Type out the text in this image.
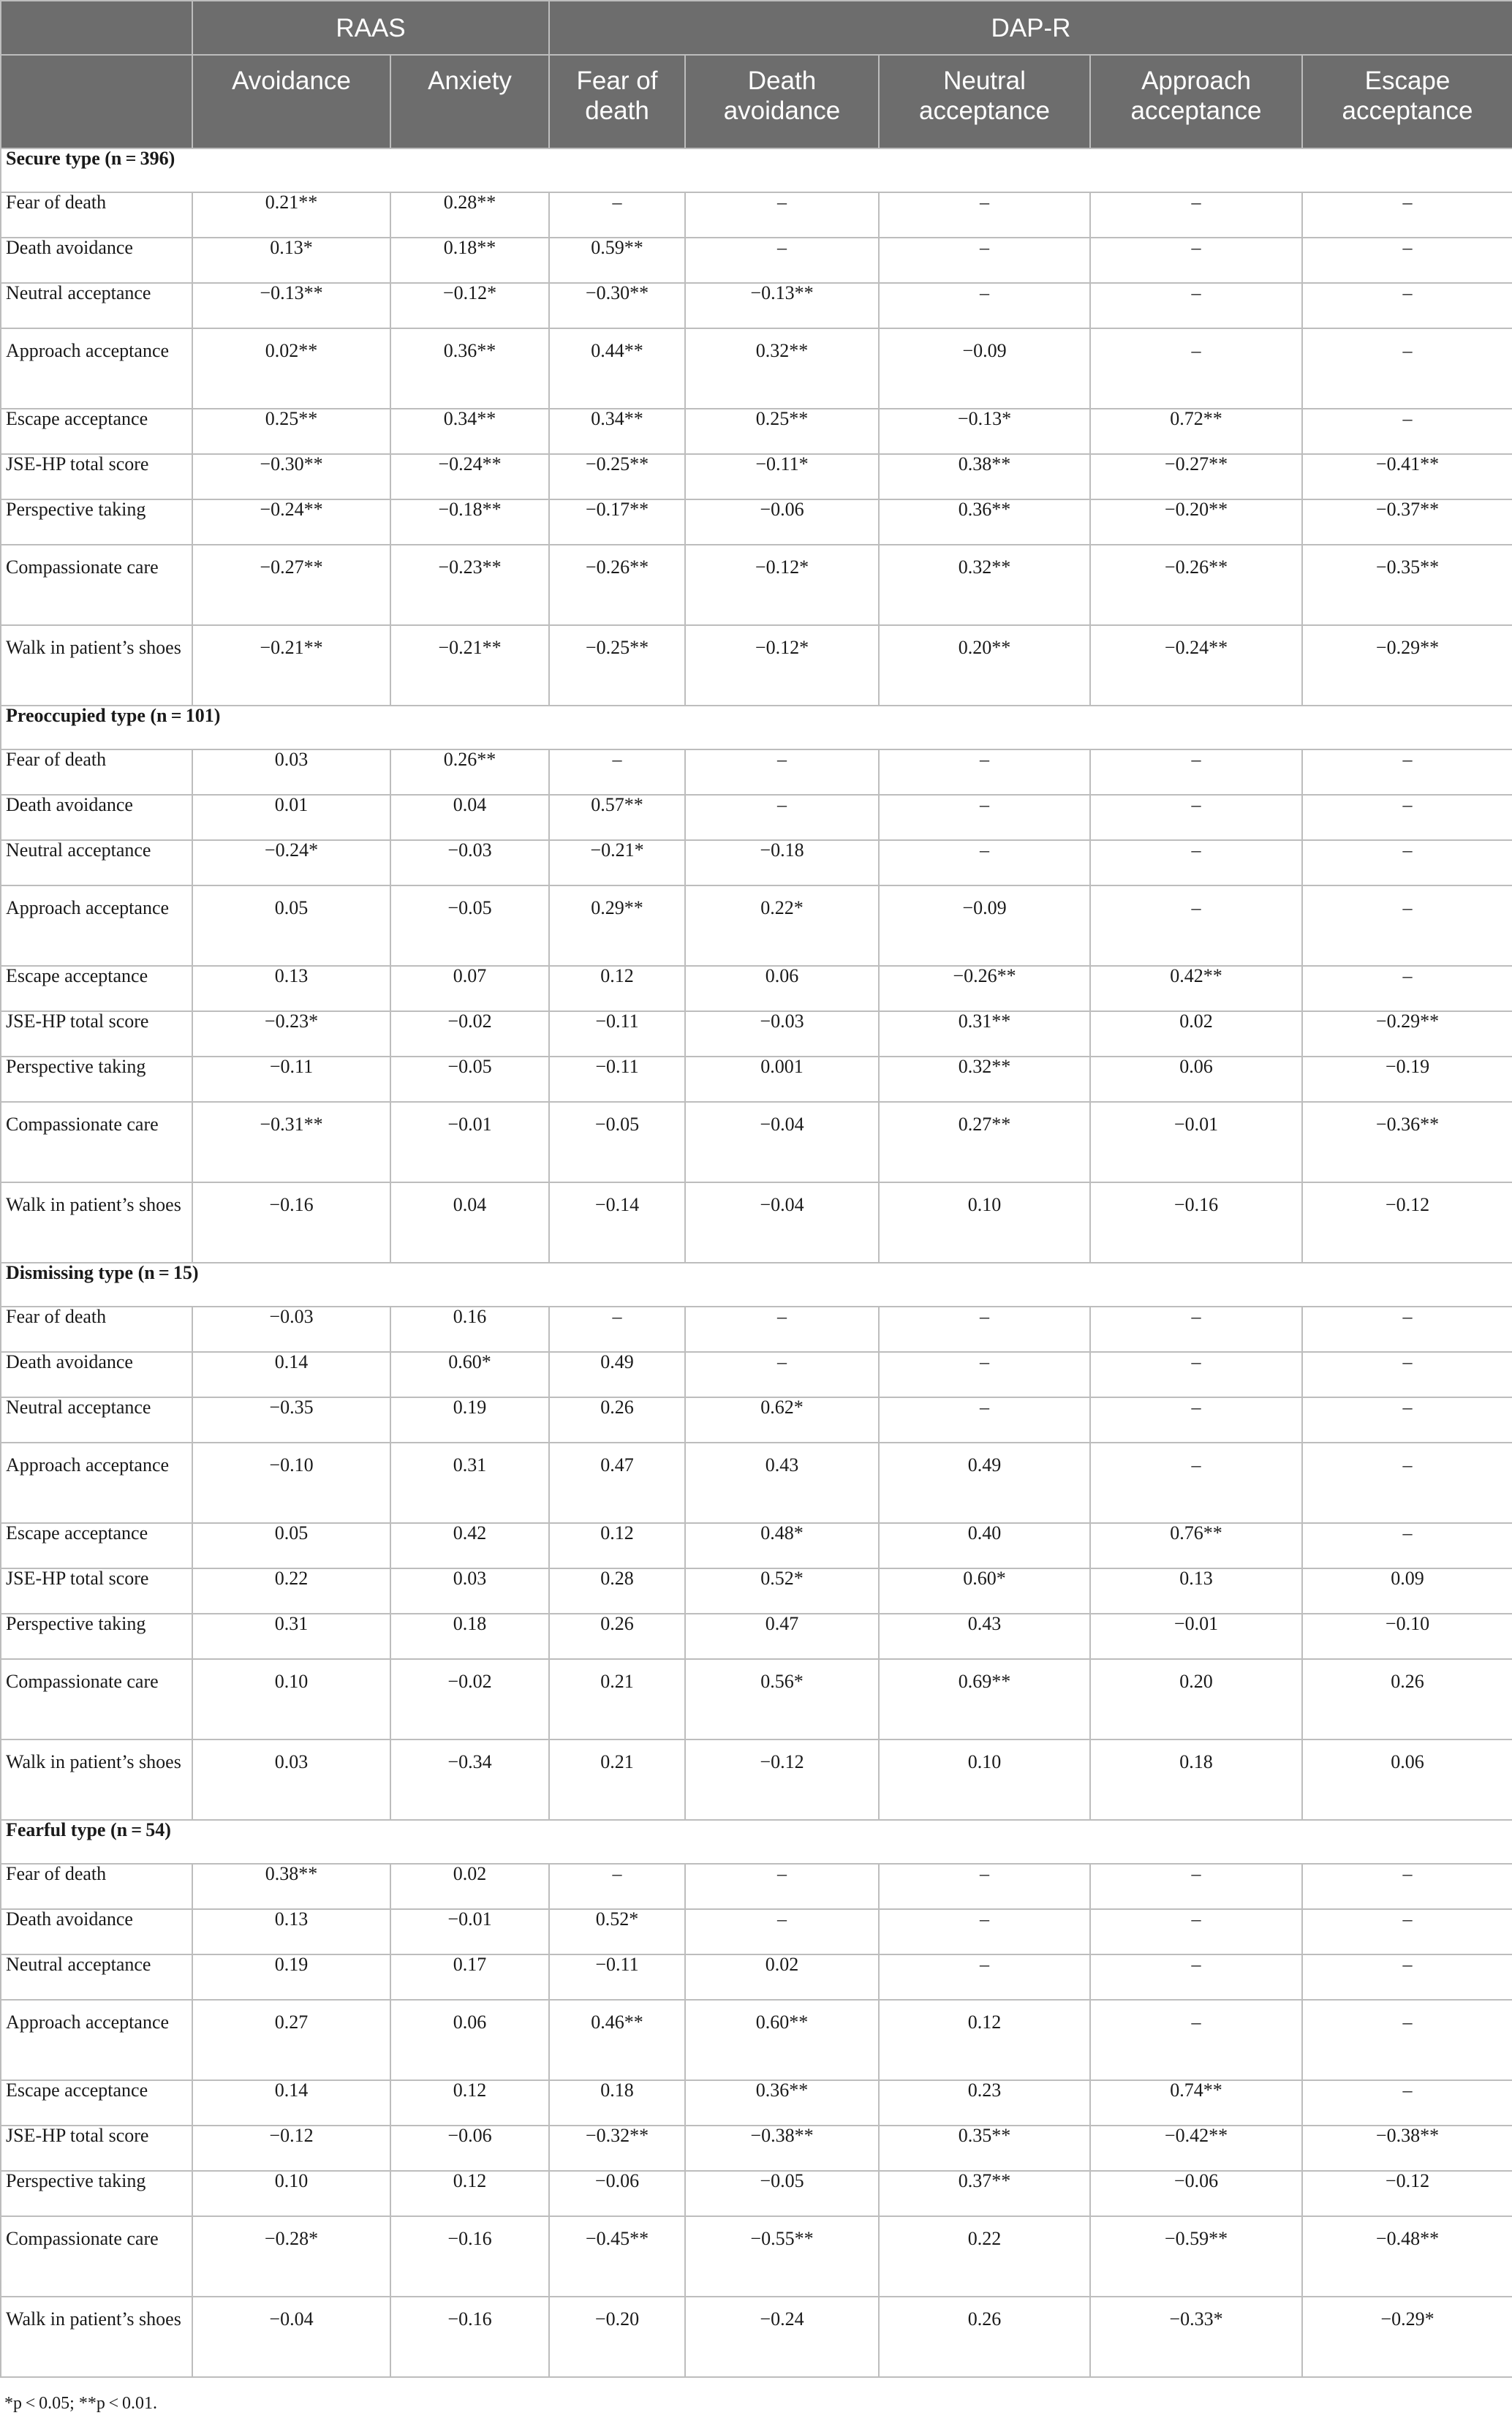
	RAAS		DAP-R				
	Avoidance	Anxiety	Fear of death	Death avoidance	Neutral acceptance	Approach acceptance	Escape acceptance
Secure type (n = 396)							
Fear of death	0.21**	0.28**	–	–	–	–	–
Death avoidance	0.13*	0.18**	0.59**	–	–	–	–
Neutral acceptance	−0.13**	−0.12*	−0.30**	−0.13**	–	–	–
Approach acceptance	0.02**	0.36**	0.44**	0.32**	−0.09	–	–
Escape acceptance	0.25**	0.34**	0.34**	0.25**	−0.13*	0.72**	–
JSE-HP total score	−0.30**	−0.24**	−0.25**	−0.11*	0.38**	−0.27**	−0.41**
Perspective taking	−0.24**	−0.18**	−0.17**	−0.06	0.36**	−0.20**	−0.37**
Compassionate care	−0.27**	−0.23**	−0.26**	−0.12*	0.32**	−0.26**	−0.35**
Walk in patient’s shoes	−0.21**	−0.21**	−0.25**	−0.12*	0.20**	−0.24**	−0.29**
Preoccupied type (n = 101)							
Fear of death	0.03	0.26**	–	–	–	–	–
Death avoidance	0.01	0.04	0.57**	–	–	–	–
Neutral acceptance	−0.24*	−0.03	−0.21*	−0.18	–	–	–
Approach acceptance	0.05	−0.05	0.29**	0.22*	−0.09	–	–
Escape acceptance	0.13	0.07	0.12	0.06	−0.26**	0.42**	–
JSE-HP total score	−0.23*	−0.02	−0.11	−0.03	0.31**	0.02	−0.29**
Perspective taking	−0.11	−0.05	−0.11	0.001	0.32**	0.06	−0.19
Compassionate care	−0.31**	−0.01	−0.05	−0.04	0.27**	−0.01	−0.36**
Walk in patient’s shoes	−0.16	0.04	−0.14	−0.04	0.10	−0.16	−0.12
Dismissing type (n = 15)							
Fear of death	−0.03	0.16	–	–	–	–	–
Death avoidance	0.14	0.60*	0.49	–	–	–	–
Neutral acceptance	−0.35	0.19	0.26	0.62*	–	–	–
Approach acceptance	−0.10	0.31	0.47	0.43	0.49	–	–
Escape acceptance	0.05	0.42	0.12	0.48*	0.40	0.76**	–
JSE-HP total score	0.22	0.03	0.28	0.52*	0.60*	0.13	0.09
Perspective taking	0.31	0.18	0.26	0.47	0.43	−0.01	−0.10
Compassionate care	0.10	−0.02	0.21	0.56*	0.69**	0.20	0.26
Walk in patient’s shoes	0.03	−0.34	0.21	−0.12	0.10	0.18	0.06
Fearful type (n = 54)							
Fear of death	0.38**	0.02	–	–	–	–	–
Death avoidance	0.13	−0.01	0.52*	–	–	–	–
Neutral acceptance	0.19	0.17	−0.11	0.02	–	–	–
Approach acceptance	0.27	0.06	0.46**	0.60**	0.12	–	–
Escape acceptance	0.14	0.12	0.18	0.36**	0.23	0.74**	–
JSE-HP total score	−0.12	−0.06	−0.32**	−0.38**	0.35**	−0.42**	−0.38**
Perspective taking	0.10	0.12	−0.06	−0.05	0.37**	−0.06	−0.12
Compassionate care	−0.28*	−0.16	−0.45**	−0.55**	0.22	−0.59**	−0.48**
Walk in patient’s shoes	−0.04	−0.16	−0.20	−0.24	0.26	−0.33*	−0.29*
*p < 0.05; **p < 0.01.
